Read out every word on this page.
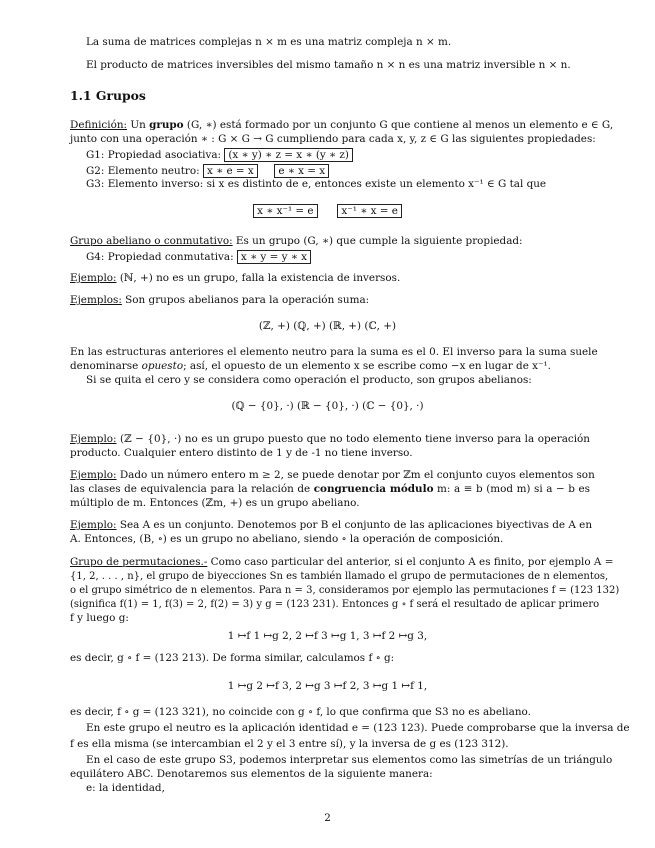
La suma de matrices complejas n × m es una matriz compleja n × m.
El producto de matrices inversibles del mismo tamaño n × n es una matriz inversible n × n.
1.1 Grupos
Definición: Un grupo (G, ∗) está formado por un conjunto G que contiene al menos un elemento e ∈ G,
junto con una operación ∗ : G × G → G cumpliendo para cada x, y, z ∈ G las siguientes propiedades:
G1: Propiedad asociativa: (x ∗ y) ∗ z = x ∗ (y ∗ z)
G2: Elemento neutro: x ∗ e = x e ∗ x = x
G3: Elemento inverso: si x es distinto de e, entonces existe un elemento x⁻¹ ∈ G tal que
x ∗ x⁻¹ = e	x⁻¹ ∗ x = e
Grupo abeliano o conmutativo: Es un grupo (G, ∗) que cumple la siguiente propiedad:
G4: Propiedad conmutativa: x ∗ y = y ∗ x
Ejemplo: (ℕ, +) no es un grupo, falla la existencia de inversos.
Ejemplos: Son grupos abelianos para la operación suma:
(ℤ, +) (ℚ, +) (ℝ, +) (ℂ, +)
En las estructuras anteriores el elemento neutro para la suma es el 0. El inverso para la suma suele
denominarse opuesto; así, el opuesto de un elemento x se escribe como −x en lugar de x⁻¹.
Si se quita el cero y se considera como operación el producto, son grupos abelianos:
(ℚ − {0}, ·) (ℝ − {0}, ·) (ℂ − {0}, ·)
Ejemplo: (ℤ − {0}, ·) no es un grupo puesto que no todo elemento tiene inverso para la operación
producto. Cualquier entero distinto de 1 y de -1 no tiene inverso.
Ejemplo: Dado un número entero m ≥ 2, se puede denotar por ℤm el conjunto cuyos elementos son
las clases de equivalencia para la relación de congruencia módulo m: a ≡ b (mod m) si a − b es
múltiplo de m. Entonces (ℤm, +) es un grupo abeliano.
Ejemplo: Sea A es un conjunto. Denotemos por B el conjunto de las aplicaciones biyectivas de A en
A. Entonces, (B, ∘) es un grupo no abeliano, siendo ∘ la operación de composición.
Grupo de permutaciones.- Como caso particular del anterior, si el conjunto A es finito, por ejemplo A =
{1, 2, . . . , n}, el grupo de biyecciones Sn es también llamado el grupo de permutaciones de n elementos,
o el grupo simétrico de n elementos. Para n = 3, consideramos por ejemplo las permutaciones f = (123 132)
(significa f(1) = 1, f(3) = 2, f(2) = 3) y g = (123 231). Entonces g ∘ f será el resultado de aplicar primero
f y luego g:
1 ↦f 1 ↦g 2, 2 ↦f 3 ↦g 1, 3 ↦f 2 ↦g 3,
es decir, g ∘ f = (123 213). De forma similar, calculamos f ∘ g:
1 ↦g 2 ↦f 3, 2 ↦g 3 ↦f 2, 3 ↦g 1 ↦f 1,
es decir, f ∘ g = (123 321), no coincide con g ∘ f, lo que confirma que S3 no es abeliano.
En este grupo el neutro es la aplicación identidad e = (123 123). Puede comprobarse que la inversa de
f es ella misma (se intercambian el 2 y el 3 entre sí), y la inversa de g es (123 312).
En el caso de este grupo S3, podemos interpretar sus elementos como las simetrías de un triángulo
equilátero ABC. Denotaremos sus elementos de la siguiente manera:
e: la identidad,
2
